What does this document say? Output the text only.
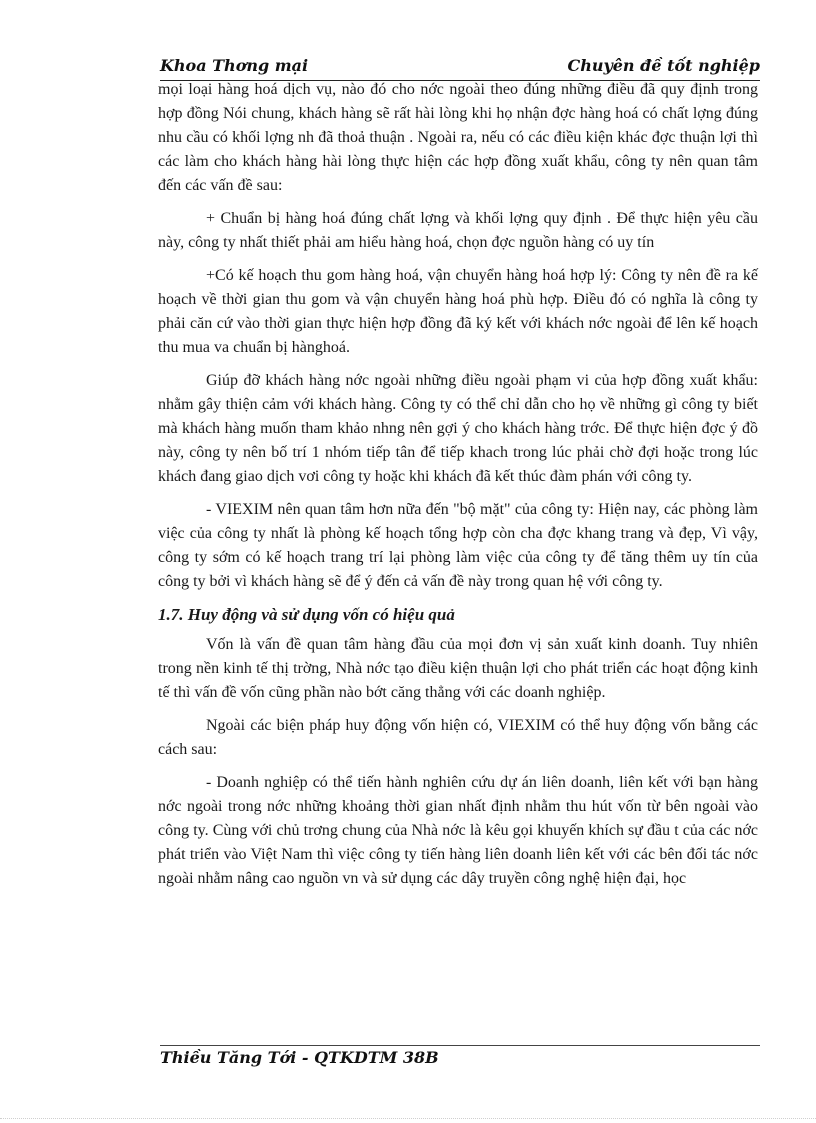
Khoa Thơng mại	Chuyên đề tốt nghiệp

mọi loại hàng hoá dịch vụ, nào đó cho nớc ngoài theo đúng những điều đã quy định trong hợp đồng Nói chung, khách hàng sẽ rất hài lòng khi họ nhận đợc hàng hoá có chất lợng đúng nhu cầu có khối lợng nh đã thoả thuận . Ngoài ra, nếu có các điều kiện khác đợc thuận lợi thì các làm cho khách hàng hài lòng thực hiện các hợp đồng xuất khẩu, công ty nên quan tâm đến các vấn đề sau:

+ Chuẩn bị hàng hoá đúng chất lợng và khối lợng quy định . Để thực hiện yêu cầu này, công ty nhất thiết phải am hiểu hàng hoá, chọn đợc nguồn hàng có uy tín

+Có kế hoạch thu gom hàng hoá, vận chuyển hàng hoá hợp lý: Công ty nên đề ra kế hoạch về thời gian thu gom và vận chuyển hàng hoá phù hợp. Điều đó có nghĩa là công ty phải căn cứ vào thời gian thực hiện hợp đồng đã ký kết với khách nớc ngoài để lên kế hoạch thu mua va chuẩn bị hànghoá.

Giúp đỡ khách hàng nớc ngoài những điều ngoài phạm vi của hợp đồng xuất khẩu: nhằm gây thiện cảm với khách hàng. Công ty có thể chỉ dẫn cho họ về những gì công ty biết mà khách hàng muốn tham khảo nhng nên gợi ý cho khách hàng trớc. Để thực hiện đợc ý đồ này, công ty nên bố trí 1 nhóm tiếp tân để tiếp khach trong lúc phải chờ đợi hoặc trong lúc khách đang giao dịch vơi công ty hoặc khi khách đã kết thúc đàm phán với công ty.

- VIEXIM nên quan tâm hơn nữa đến "bộ mặt" của công ty: Hiện nay, các phòng làm việc của công ty nhất là phòng kế hoạch tổng hợp còn cha đợc khang trang và đẹp, Vì vậy, công ty sớm có kế hoạch trang trí lại phòng làm việc của công ty để tăng thêm uy tín của công ty bởi vì khách hàng sẽ để ý đến cả vấn đề này trong quan hệ với công ty.

1.7. Huy động và sử dụng vốn có hiệu quả

Vốn là vấn đề quan tâm hàng đầu của mọi đơn vị sản xuất kinh doanh. Tuy nhiên trong nền kinh tế thị trờng, Nhà nớc tạo điều kiện thuận lợi cho phát triển các hoạt động kinh tế thì vấn đề vốn cũng phần nào bớt căng thẳng với các doanh nghiệp.

Ngoài các biện pháp huy động vốn hiện có, VIEXIM có thể huy động vốn bằng các cách sau:

- Doanh nghiệp có thể tiến hành nghiên cứu dự án liên doanh, liên kết với bạn hàng nớc ngoài trong nớc những khoảng thời gian nhất định nhằm thu hút vốn từ bên ngoài vào công ty. Cùng với chủ trơng chung của Nhà nớc là kêu gọi khuyến khích sự đầu t của các nớc phát triển vào Việt Nam thì việc công ty tiến hàng liên doanh liên kết với các bên đối tác nớc ngoài nhằm nâng cao nguồn vn và sử dụng các dây truyền công nghệ hiện đại, học

Thiều Tăng Tới - QTKDTM 38B
